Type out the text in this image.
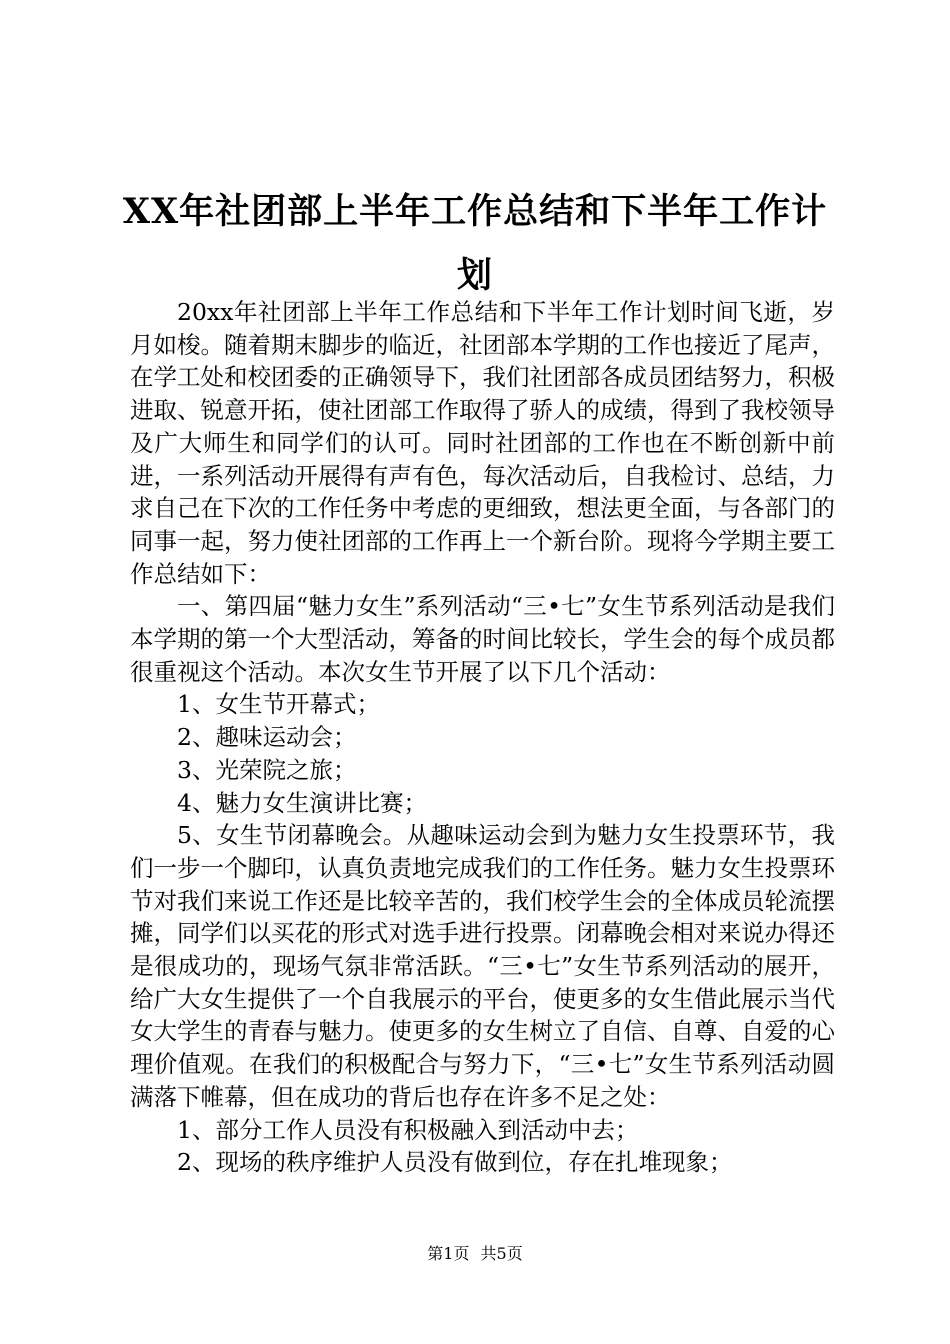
XX年社团部上半年工作总结和下半年工作计
划

20xx年社团部上半年工作总结和下半年工作计划时间飞逝，岁月如梭。随着期末脚步的临近，社团部本学期的工作也接近了尾声，在学工处和校团委的正确领导下，我们社团部各成员团结努力，积极进取、锐意开拓，使社团部工作取得了骄人的成绩，得到了我校领导及广大师生和同学们的认可。同时社团部的工作也在不断创新中前进，一系列活动开展得有声有色，每次活动后，自我检讨、总结，力求自己在下次的工作任务中考虑的更细致，想法更全面，与各部门的同事一起，努力使社团部的工作再上一个新台阶。现将今学期主要工作总结如下：

一、第四届“魅力女生”系列活动“三•七”女生节系列活动是我们本学期的第一个大型活动，筹备的时间比较长，学生会的每个成员都很重视这个活动。本次女生节开展了以下几个活动：

1、女生节开幕式；

2、趣味运动会；

3、光荣院之旅；

4、魅力女生演讲比赛；

5、女生节闭幕晚会。从趣味运动会到为魅力女生投票环节，我们一步一个脚印，认真负责地完成我们的工作任务。魅力女生投票环节对我们来说工作还是比较辛苦的，我们校学生会的全体成员轮流摆摊，同学们以买花的形式对选手进行投票。闭幕晚会相对来说办得还是很成功的，现场气氛非常活跃。“三•七”女生节系列活动的展开，给广大女生提供了一个自我展示的平台，使更多的女生借此展示当代女大学生的青春与魅力。使更多的女生树立了自信、自尊、自爱的心理价值观。在我们的积极配合与努力下，“三•七”女生节系列活动圆满落下帷幕，但在成功的背后也存在许多不足之处：

1、部分工作人员没有积极融入到活动中去；

2、现场的秩序维护人员没有做到位，存在扎堆现象；

第1页 共5页
